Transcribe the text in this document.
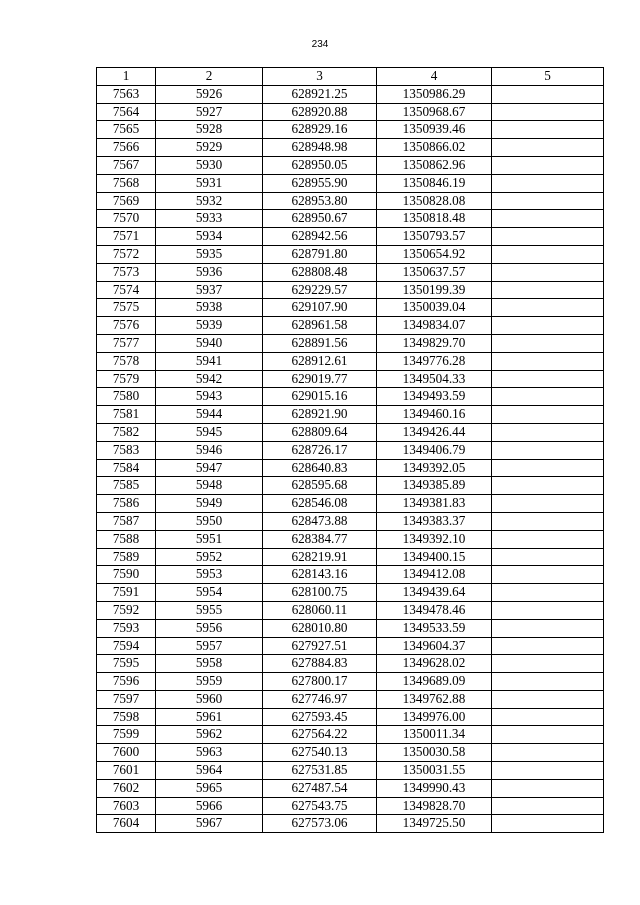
234
1	2	3	4	5
7563	5926	628921.25	1350986.29	
7564	5927	628920.88	1350968.67	
7565	5928	628929.16	1350939.46	
7566	5929	628948.98	1350866.02	
7567	5930	628950.05	1350862.96	
7568	5931	628955.90	1350846.19	
7569	5932	628953.80	1350828.08	
7570	5933	628950.67	1350818.48	
7571	5934	628942.56	1350793.57	
7572	5935	628791.80	1350654.92	
7573	5936	628808.48	1350637.57	
7574	5937	629229.57	1350199.39	
7575	5938	629107.90	1350039.04	
7576	5939	628961.58	1349834.07	
7577	5940	628891.56	1349829.70	
7578	5941	628912.61	1349776.28	
7579	5942	629019.77	1349504.33	
7580	5943	629015.16	1349493.59	
7581	5944	628921.90	1349460.16	
7582	5945	628809.64	1349426.44	
7583	5946	628726.17	1349406.79	
7584	5947	628640.83	1349392.05	
7585	5948	628595.68	1349385.89	
7586	5949	628546.08	1349381.83	
7587	5950	628473.88	1349383.37	
7588	5951	628384.77	1349392.10	
7589	5952	628219.91	1349400.15	
7590	5953	628143.16	1349412.08	
7591	5954	628100.75	1349439.64	
7592	5955	628060.11	1349478.46	
7593	5956	628010.80	1349533.59	
7594	5957	627927.51	1349604.37	
7595	5958	627884.83	1349628.02	
7596	5959	627800.17	1349689.09	
7597	5960	627746.97	1349762.88	
7598	5961	627593.45	1349976.00	
7599	5962	627564.22	1350011.34	
7600	5963	627540.13	1350030.58	
7601	5964	627531.85	1350031.55	
7602	5965	627487.54	1349990.43	
7603	5966	627543.75	1349828.70	
7604	5967	627573.06	1349725.50	
